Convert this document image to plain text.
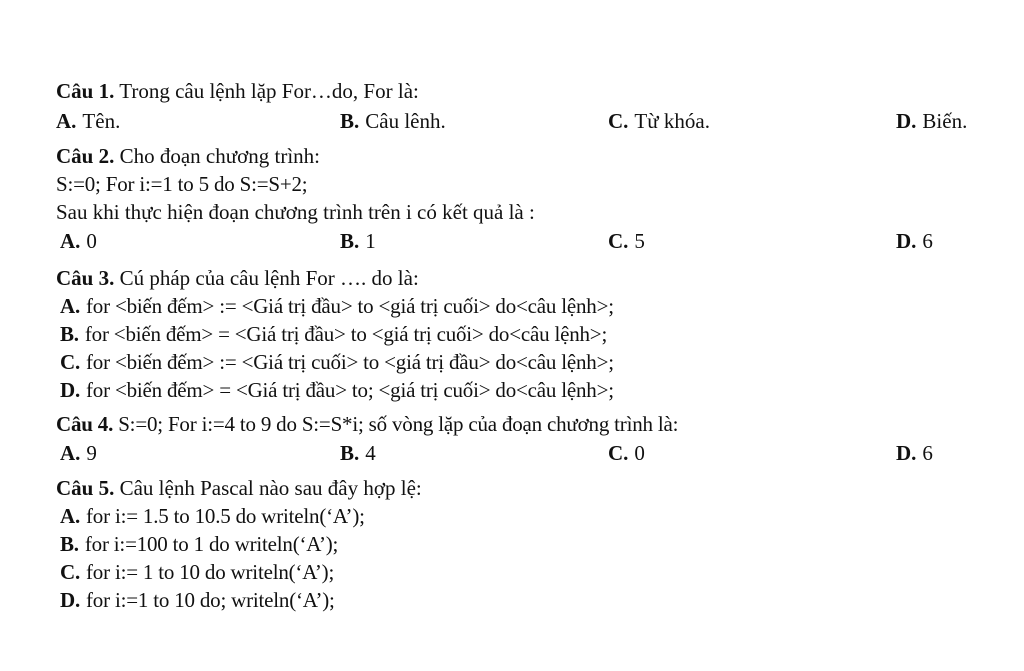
Câu 1. Trong câu lệnh lặp For…do, For là:
A. Tên.	B. Câu lênh.	C. Từ khóa.	D. Biến.
Câu 2. Cho đoạn chương trình:
S:=0; For i:=1 to 5 do S:=S+2;
Sau khi thực hiện đoạn chương trình trên i có kết quả là :
A. 0	B. 1	C. 5	D. 6
Câu 3. Cú pháp của câu lệnh For …. do là:
A. for <biến đếm> := <Giá trị đầu> to <giá trị cuối> do<câu lệnh>;
B. for <biến đếm> = <Giá trị đầu> to <giá trị cuối> do<câu lệnh>;
C. for <biến đếm> := <Giá trị cuối> to <giá trị đầu> do<câu lệnh>;
D. for <biến đếm> = <Giá trị đầu> to; <giá trị cuối> do<câu lệnh>;
Câu 4. S:=0; For i:=4 to 9 do S:=S*i; số vòng lặp của đoạn chương trình là:
A. 9	B. 4	C. 0	D. 6
Câu 5. Câu lệnh Pascal nào sau đây hợp lệ:
A. for i:= 1.5 to 10.5 do writeln(‘A’);
B. for i:=100 to 1 do writeln(‘A’);
C. for i:= 1 to 10 do writeln(‘A’);
D. for i:=1 to 10 do; writeln(‘A’);
